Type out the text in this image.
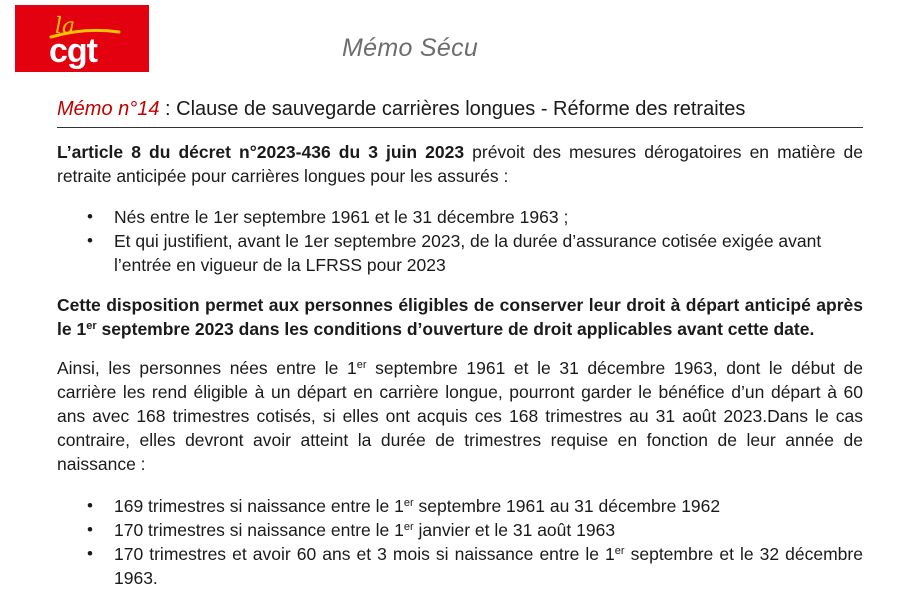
la
cgt	Mémo Sécu
Mémo n°14 : Clause de sauvegarde carrières longues - Réforme des retraites

L’article 8 du décret n°2023-436 du 3 juin 2023 prévoit des mesures dérogatoires en matière de retraite anticipée pour carrières longues pour les assurés :

• Nés entre le 1er septembre 1961 et le 31 décembre 1963 ;
• Et qui justifient, avant le 1er septembre 2023, de la durée d’assurance cotisée exigée avant l’entrée en vigueur de la LFRSS pour 2023

Cette disposition permet aux personnes éligibles de conserver leur droit à départ anticipé après le 1er septembre 2023 dans les conditions d’ouverture de droit applicables avant cette date.

Ainsi, les personnes nées entre le 1er septembre 1961 et le 31 décembre 1963, dont le début de carrière les rend éligible à un départ en carrière longue, pourront garder le bénéfice d’un départ à 60 ans avec 168 trimestres cotisés, si elles ont acquis ces 168 trimestres au 31 août 2023.Dans le cas contraire, elles devront avoir atteint la durée de trimestres requise en fonction de leur année de naissance :

• 169 trimestres si naissance entre le 1er septembre 1961 au 31 décembre 1962
• 170 trimestres si naissance entre le 1er janvier et le 31 août 1963
• 170 trimestres et avoir 60 ans et 3 mois si naissance entre le 1er septembre et le 32 décembre 1963.
